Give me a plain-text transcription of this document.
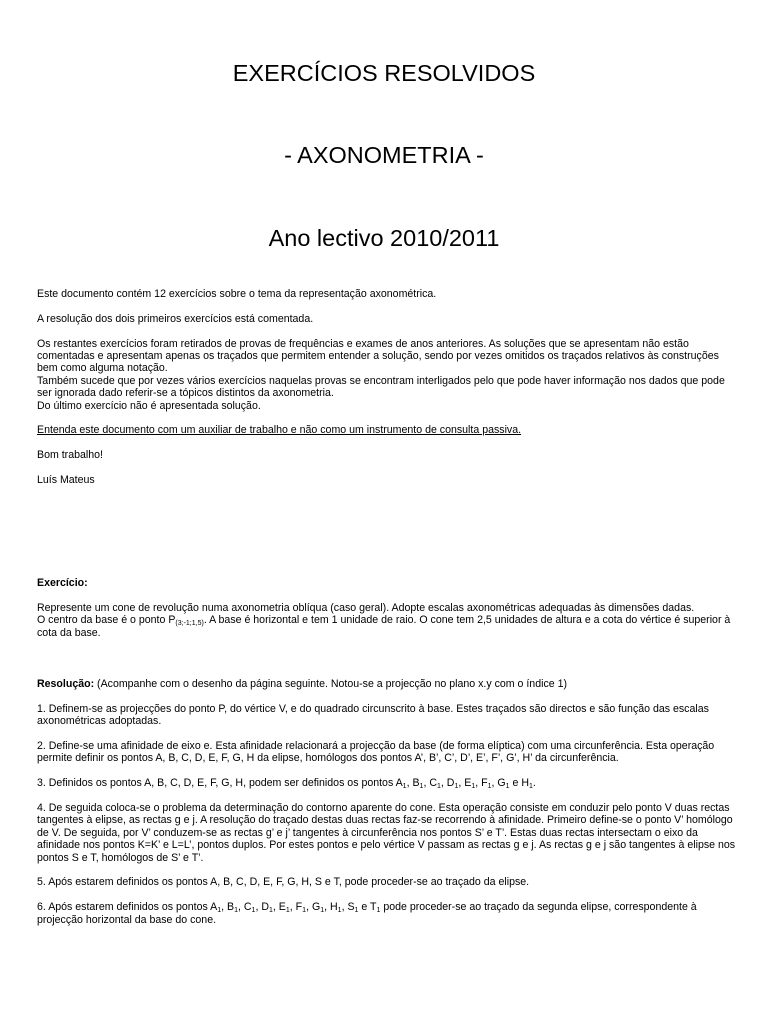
EXERCÍCIOS RESOLVIDOS
- AXONOMETRIA -
Ano lectivo 2010/2011

Este documento contém 12 exercícios sobre o tema da representação axonométrica.

A resolução dos dois primeiros exercícios está comentada.

Os restantes exercícios foram retirados de provas de frequências e exames de anos anteriores. As soluções que se apresentam não estão

comentadas e apresentam apenas os traçados que permitem entender a solução, sendo por vezes omitidos os traçados relativos às construções

bem como alguma notação.

Também sucede que por vezes vários exercícios naquelas provas se encontram interligados pelo que pode haver informação nos dados que pode

ser ignorada dado referir-se a tópicos distintos da axonometria.

Do último exercício não é apresentada solução.

Entenda este documento com um auxiliar de trabalho e não como um instrumento de consulta passiva.

Bom trabalho!

Luís Mateus

Exercício:

Represente um cone de revolução numa axonometria oblíqua (caso geral). Adopte escalas axonométricas adequadas às dimensões dadas.

O centro da base é o ponto $P_{(3;-1;1,5)}$. A base é horizontal e tem 1 unidade de raio. O cone tem 2,5 unidades de altura e a cota do vértice é superior à

cota da base.

Resolução: (Acompanhe com o desenho da página seguinte. Notou-se a projecção no plano x.y com o índice 1)

1. Definem-se as projecções do ponto P, do vértice V, e do quadrado circunscrito à base. Estes traçados são directos e são função das escalas

axonométricas adoptadas.

2. Define-se uma afinidade de eixo e. Esta afinidade relacionará a projecção da base (de forma elíptica) com uma circunferência. Esta operação

permite definir os pontos A, B, C, D, E, F, G, H da elipse, homólogos dos pontos A’, B’, C’, D’, E’, F’, G’, H’ da circunferência.

3. Definidos os pontos A, B, C, D, E, F, G, H, podem ser definidos os pontos $A_1$, $B_1$, $C_1$, $D_1$, $E_1$, $F_1$, $G_1$ e $H_1$.

4. De seguida coloca-se o problema da determinação do contorno aparente do cone. Esta operação consiste em conduzir pelo ponto V duas rectas

tangentes à elipse, as rectas g e j. A resolução do traçado destas duas rectas faz-se recorrendo à afinidade. Primeiro define-se o ponto V’ homólogo

de V. De seguida, por V’ conduzem-se as rectas g’ e j’ tangentes à circunferência nos pontos S’ e T’. Estas duas rectas intersectam o eixo da

afinidade nos pontos K=K’ e L=L’, pontos duplos. Por estes pontos e pelo vértice V passam as rectas g e j. As rectas g e j são tangentes à elipse nos

pontos S e T, homólogos de S’ e T’.

5. Após estarem definidos os pontos A, B, C, D, E, F, G, H, S e T, pode proceder-se ao traçado da elipse.

6. Após estarem definidos os pontos $A_1$, $B_1$, $C_1$, $D_1$, $E_1$, $F_1$, $G_1$, $H_1$, $S_1$ e $T_1$ pode proceder-se ao traçado da segunda elipse, correspondente à

projecção horizontal da base do cone.
